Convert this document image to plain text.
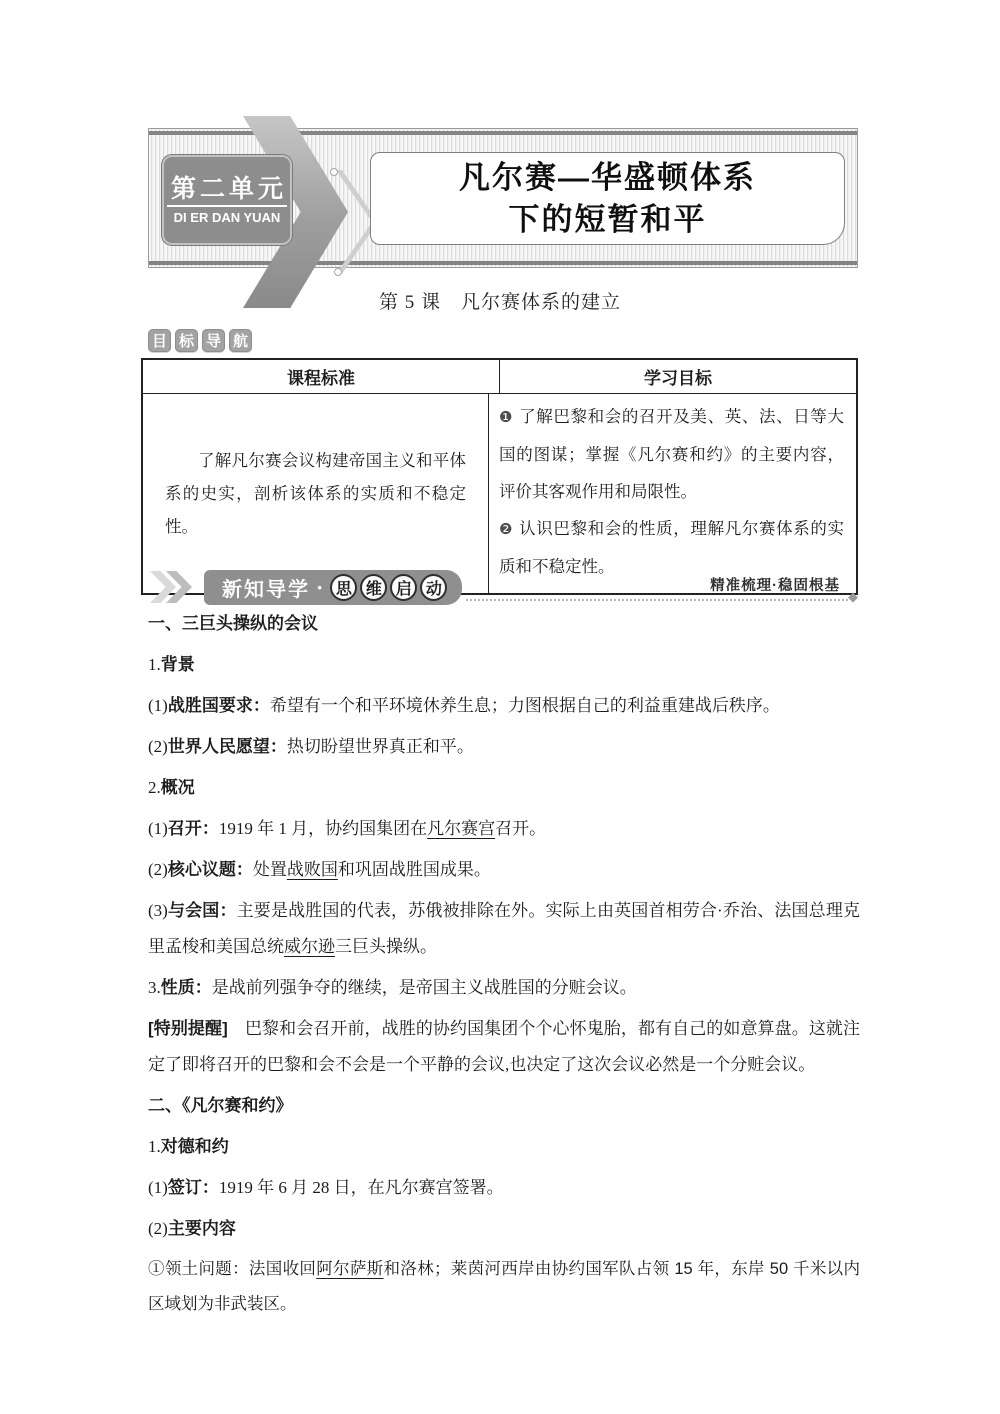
第二单元
DI ER DAN YUAN
凡尔赛—华盛顿体系
下的短暂和平
第 5 课　凡尔赛体系的建立
目 标 导 航
课程标准	学习目标

了解凡尔赛会议构建帝国主义和平体系的史实，剖析该体系的实质和不稳定性。

❶ 了解巴黎和会的召开及美、英、法、日等大国的图谋；掌握《凡尔赛和约》的主要内容，评价其客观作用和局限性。

❷ 认识巴黎和会的性质，理解凡尔赛体系的实质和不稳定性。

新知导学 · 思 维 启 动	精准梳理·稳固根基
◆

一、三巨头操纵的会议

1.背景

(1)战胜国要求：希望有一个和平环境休养生息；力图根据自己的利益重建战后秩序。

(2)世界人民愿望：热切盼望世界真正和平。

2.概况

(1)召开：1919 年 1 月，协约国集团在凡尔赛宫召开。

(2)核心议题：处置战败国和巩固战胜国成果。

(3)与会国：主要是战胜国的代表，苏俄被排除在外。实际上由英国首相劳合·乔治、法国总理克里孟梭和美国总统威尔逊三巨头操纵。

3.性质：是战前列强争夺的继续，是帝国主义战胜国的分赃会议。

[特别提醒]　巴黎和会召开前，战胜的协约国集团个个心怀鬼胎，都有自己的如意算盘。这就注定了即将召开的巴黎和会不会是一个平静的会议,也决定了这次会议必然是一个分赃会议。

二、《凡尔赛和约》

1.对德和约

(1)签订：1919 年 6 月 28 日，在凡尔赛宫签署。

(2)主要内容

①领土问题：法国收回阿尔萨斯和洛林；莱茵河西岸由协约国军队占领 15 年，东岸 50 千米以内区域划为非武装区。
